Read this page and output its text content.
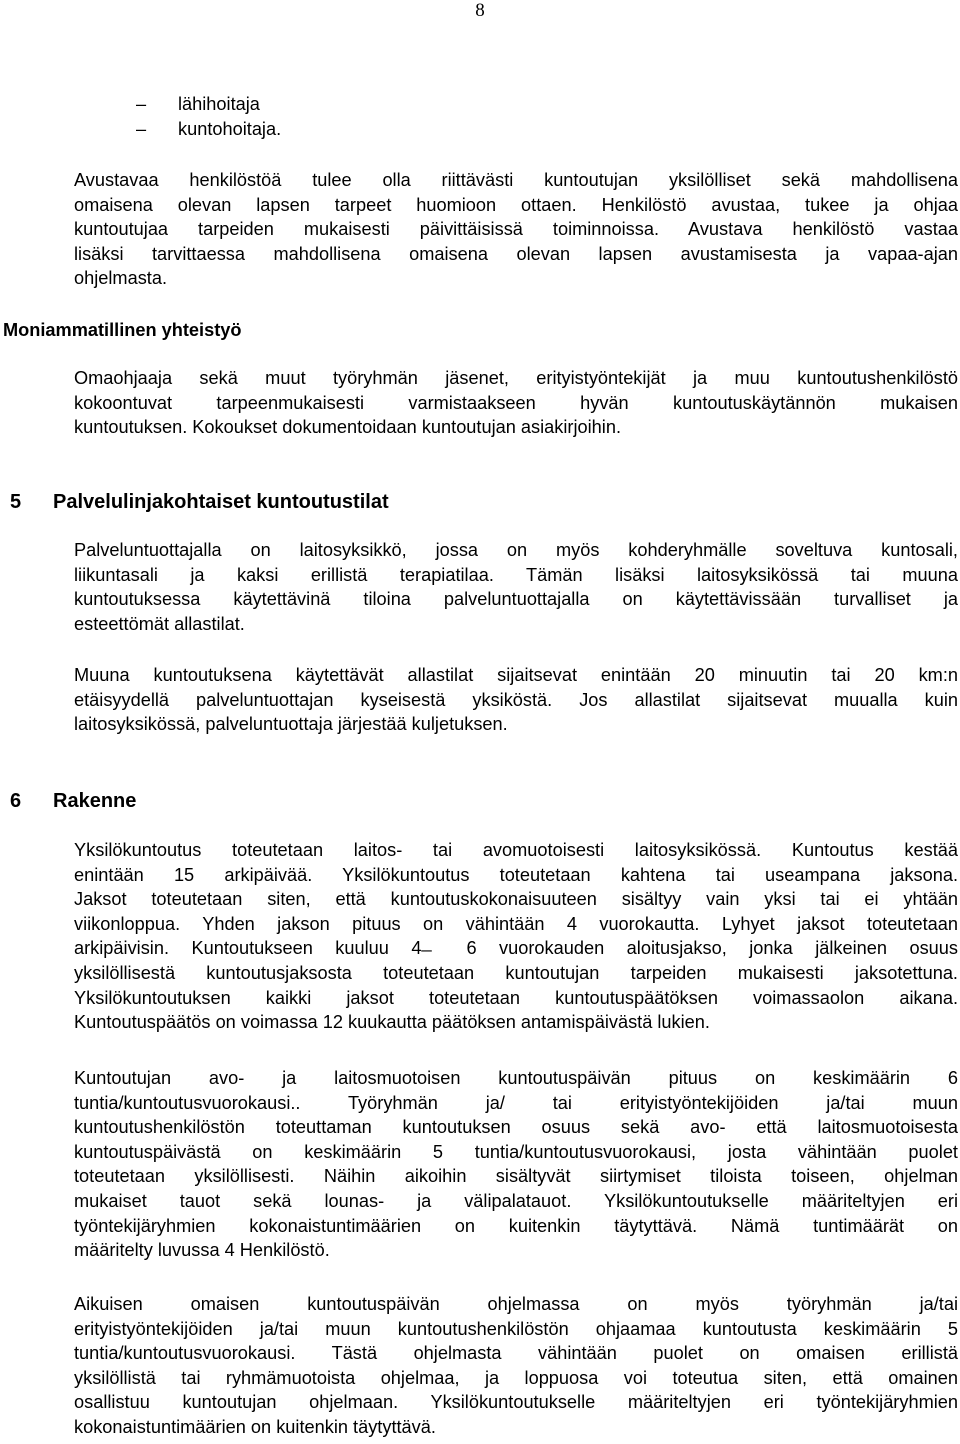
8
– lähihoitaja
– kuntohoitaja.
Moniammatillinen yhteistyö
5 Palvelulinjakohtaiset kuntoutustilat
6 Rakenne
Avustavaa henkilöstöä tulee olla riittävästi kuntoutujan yksilölliset sekä mahdollisena
omaisena olevan lapsen tarpeet huomioon ottaen. Henkilöstö avustaa, tukee ja ohjaa
kuntoutujaa tarpeiden mukaisesti päivittäisissä toiminnoissa. Avustava henkilöstö vastaa
lisäksi tarvittaessa mahdollisena omaisena olevan lapsen avustamisesta ja vapaa-ajan
ohjelmasta.
Omaohjaaja sekä muut työryhmän jäsenet, erityistyöntekijät ja muu kuntoutushenkilöstö
kokoontuvat tarpeenmukaisesti varmistaakseen hyvän kuntoutuskäytännön mukaisen
kuntoutuksen. Kokoukset dokumentoidaan kuntoutujan asiakirjoihin.
Palveluntuottajalla on laitosyksikkö, jossa on myös kohderyhmälle soveltuva kuntosali,
liikuntasali ja kaksi erillistä terapiatilaa. Tämän lisäksi laitosyksikössä tai muuna
kuntoutuksessa käytettävinä tiloina palveluntuottajalla on käytettävissään turvalliset ja
esteettömät allastilat.
Muuna kuntoutuksena käytettävät allastilat sijaitsevat enintään 20 minuutin tai 20 km:n
etäisyydellä palveluntuottajan kyseisestä yksiköstä. Jos allastilat sijaitsevat muualla kuin
laitosyksikössä, palveluntuottaja järjestää kuljetuksen.
Yksilökuntoutus toteutetaan laitos- tai avomuotoisesti laitosyksikössä. Kuntoutus kestää
enintään 15 arkipäivää. Yksilökuntoutus toteutetaan kahtena tai useampana jaksona.
Jaksot toteutetaan siten, että kuntoutuskokonaisuuteen sisältyy vain yksi tai ei yhtään
viikonloppua. Yhden jakson pituus on vähintään 4 vuorokautta. Lyhyet jaksot toteutetaan
arkipäivisin. Kuntoutukseen kuuluu 4 ̶ 6 vuorokauden aloitusjakso, jonka jälkeinen osuus
yksilöllisestä kuntoutusjaksosta toteutetaan kuntoutujan tarpeiden mukaisesti jaksotettuna.
Yksilökuntoutuksen kaikki jaksot toteutetaan kuntoutuspäätöksen voimassaolon aikana.
Kuntoutuspäätös on voimassa 12 kuukautta päätöksen antamispäivästä lukien.
Kuntoutujan avo- ja laitosmuotoisen kuntoutuspäivän pituus on keskimäärin 6
tuntia/kuntoutusvuorokausi.. Työryhmän ja/ tai erityistyöntekijöiden ja/tai muun
kuntoutushenkilöstön toteuttaman kuntoutuksen osuus sekä avo- että laitosmuotoisesta
kuntoutuspäivästä on keskimäärin 5 tuntia/kuntoutusvuorokausi, josta vähintään puolet
toteutetaan yksilöllisesti. Näihin aikoihin sisältyvät siirtymiset tiloista toiseen, ohjelman
mukaiset tauot sekä lounas- ja välipalatauot. Yksilökuntoutukselle määriteltyjen eri
työntekijäryhmien kokonaistuntimäärien on kuitenkin täytyttävä. Nämä tuntimäärät on
määritelty luvussa 4 Henkilöstö.
Aikuisen omaisen kuntoutuspäivän ohjelmassa on myös työryhmän ja/tai
erityistyöntekijöiden ja/tai muun kuntoutushenkilöstön ohjaamaa kuntoutusta keskimäärin 5
tuntia/kuntoutusvuorokausi. Tästä ohjelmasta vähintään puolet on omaisen erillistä
yksilöllistä tai ryhmämuotoista ohjelmaa, ja loppuosa voi toteutua siten, että omainen
osallistuu kuntoutujan ohjelmaan. Yksilökuntoutukselle määriteltyjen eri työntekijäryhmien
kokonaistuntimäärien on kuitenkin täytyttävä.
